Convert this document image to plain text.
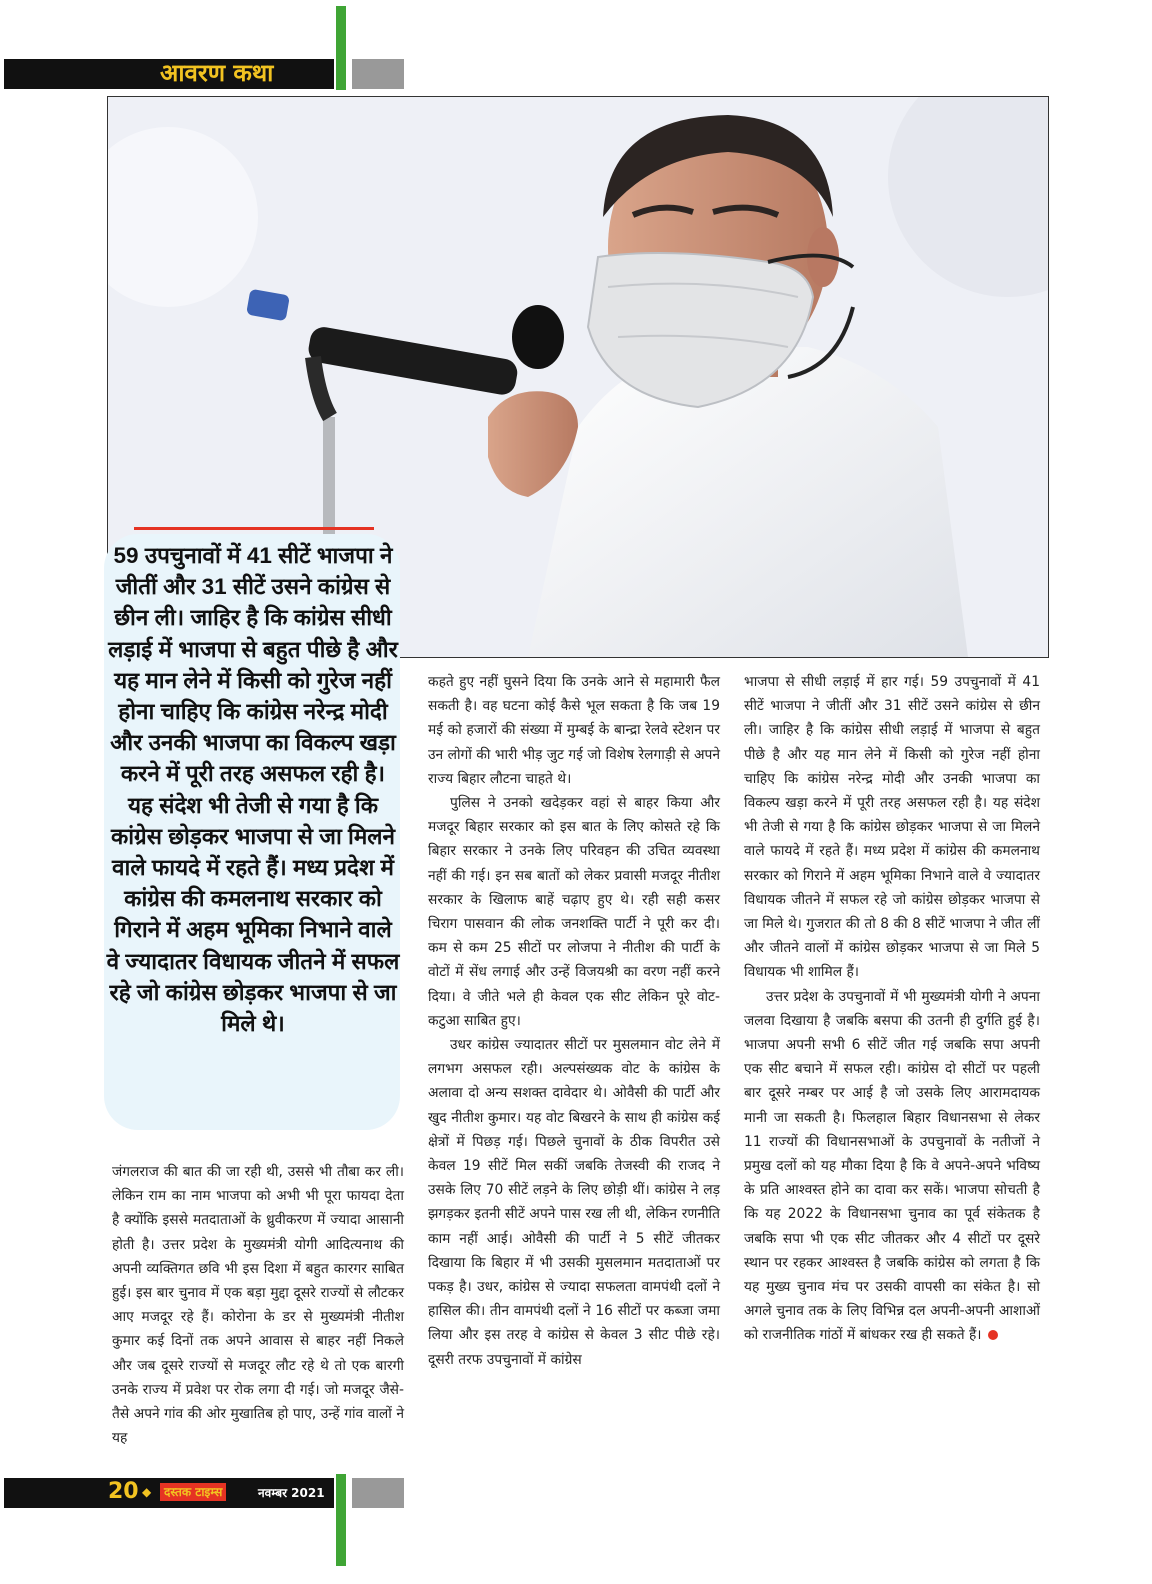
आवरण कथा

59 उपचुनावों में 41 सीटें भाजपा ने जीतीं और 31 सीटें उसने कांग्रेस से छीन ली। जाहिर है कि कांग्रेस सीधी लड़ाई में भाजपा से बहुत पीछे है और यह मान लेने में किसी को गुरेज नहीं होना चाहिए कि कांग्रेस नरेन्द्र मोदी और उनकी भाजपा का विकल्प खड़ा करने में पूरी तरह असफल रही है। यह संदेश भी तेजी से गया है कि कांग्रेस छोड़कर भाजपा से जा मिलने वाले फायदे में रहते हैं। मध्य प्रदेश में कांग्रेस की कमलनाथ सरकार को गिराने में अहम भूमिका निभाने वाले वे ज्यादातर विधायक जीतने में सफल रहे जो कांग्रेस छोड़कर भाजपा से जा मिले थे।

जंगलराज की बात की जा रही थी, उससे भी तौबा कर ली। लेकिन राम का नाम भाजपा को अभी भी पूरा फायदा देता है क्योंकि इससे मतदाताओं के ध्रुवीकरण में ज्यादा आसानी होती है। उत्तर प्रदेश के मुख्यमंत्री योगी आदित्यनाथ की अपनी व्यक्तिगत छवि भी इस दिशा में बहुत कारगर साबित हुई। इस बार चुनाव में एक बड़ा मुद्दा दूसरे राज्यों से लौटकर आए मजदूर रहे हैं। कोरोना के डर से मुख्यमंत्री नीतीश कुमार कई दिनों तक अपने आवास से बाहर नहीं निकले और जब दूसरे राज्यों से मजदूर लौट रहे थे तो एक बारगी उनके राज्य में प्रवेश पर रोक लगा दी गई। जो मजदूर जैसे-तैसे अपने गांव की ओर मुखातिब हो पाए, उन्हें गांव वालों ने यह

कहते हुए नहीं घुसने दिया कि उनके आने से महामारी फैल सकती है। वह घटना कोई कैसे भूल सकता है कि जब 19 मई को हजारों की संख्या में मुम्बई के बान्द्रा रेलवे स्टेशन पर उन लोगों की भारी भीड़ जुट गई जो विशेष रेलगाड़ी से अपने राज्य बिहार लौटना चाहते थे।

पुलिस ने उनको खदेड़कर वहां से बाहर किया और मजदूर बिहार सरकार को इस बात के लिए कोसते रहे कि बिहार सरकार ने उनके लिए परिवहन की उचित व्यवस्था नहीं की गई। इन सब बातों को लेकर प्रवासी मजदूर नीतीश सरकार के खिलाफ बाहें चढ़ाए हुए थे। रही सही कसर चिराग पासवान की लोक जनशक्ति पार्टी ने पूरी कर दी। कम से कम 25 सीटों पर लोजपा ने नीतीश की पार्टी के वोटों में सेंध लगाई और उन्हें विजयश्री का वरण नहीं करने दिया। वे जीते भले ही केवल एक सीट लेकिन पूरे वोट-कटुआ साबित हुए।

उधर कांग्रेस ज्यादातर सीटों पर मुसलमान वोट लेने में लगभग असफल रही। अल्पसंख्यक वोट के कांग्रेस के अलावा दो अन्य सशक्त दावेदार थे। ओवैसी की पार्टी और खुद नीतीश कुमार। यह वोट बिखरने के साथ ही कांग्रेस कई क्षेत्रों में पिछड़ गई। पिछले चुनावों के ठीक विपरीत उसे केवल 19 सीटें मिल सकीं जबकि तेजस्वी की राजद ने उसके लिए 70 सीटें लड़ने के लिए छोड़ी थीं। कांग्रेस ने लड़ झगड़कर इतनी सीटें अपने पास रख ली थी, लेकिन रणनीति काम नहीं आई। ओवैसी की पार्टी ने 5 सीटें जीतकर दिखाया कि बिहार में भी उसकी मुसलमान मतदाताओं पर पकड़ है। उधर, कांग्रेस से ज्यादा सफलता वामपंथी दलों ने हासिल की। तीन वामपंथी दलों ने 16 सीटों पर कब्जा जमा लिया और इस तरह वे कांग्रेस से केवल 3 सीट पीछे रहे। दूसरी तरफ उपचुनावों में कांग्रेस

भाजपा से सीधी लड़ाई में हार गई। 59 उपचुनावों में 41 सीटें भाजपा ने जीतीं और 31 सीटें उसने कांग्रेस से छीन ली। जाहिर है कि कांग्रेस सीधी लड़ाई में भाजपा से बहुत पीछे है और यह मान लेने में किसी को गुरेज नहीं होना चाहिए कि कांग्रेस नरेन्द्र मोदी और उनकी भाजपा का विकल्प खड़ा करने में पूरी तरह असफल रही है। यह संदेश भी तेजी से गया है कि कांग्रेस छोड़कर भाजपा से जा मिलने वाले फायदे में रहते हैं। मध्य प्रदेश में कांग्रेस की कमलनाथ सरकार को गिराने में अहम भूमिका निभाने वाले वे ज्यादातर विधायक जीतने में सफल रहे जो कांग्रेस छोड़कर भाजपा से जा मिले थे। गुजरात की तो 8 की 8 सीटें भाजपा ने जीत लीं और जीतने वालों में कांग्रेस छोड़कर भाजपा से जा मिले 5 विधायक भी शामिल हैं।

उत्तर प्रदेश के उपचुनावों में भी मुख्यमंत्री योगी ने अपना जलवा दिखाया है जबकि बसपा की उतनी ही दुर्गति हुई है। भाजपा अपनी सभी 6 सीटें जीत गई जबकि सपा अपनी एक सीट बचाने में सफल रही। कांग्रेस दो सीटों पर पहली बार दूसरे नम्बर पर आई है जो उसके लिए आरामदायक मानी जा सकती है। फिलहाल बिहार विधानसभा से लेकर 11 राज्यों की विधानसभाओं के उपचुनावों के नतीजों ने प्रमुख दलों को यह मौका दिया है कि वे अपने-अपने भविष्य के प्रति आश्वस्त होने का दावा कर सकें। भाजपा सोचती है कि यह 2022 के विधानसभा चुनाव का पूर्व संकेतक है जबकि सपा भी एक सीट जीतकर और 4 सीटों पर दूसरे स्थान पर रहकर आश्वस्त है जबकि कांग्रेस को लगता है कि यह मुख्य चुनाव मंच पर उसकी वापसी का संकेत है। सो अगले चुनाव तक के लिए विभिन्न दल अपनी-अपनी आशाओं को राजनीतिक गांठों में बांधकर रख ही सकते हैं।

20 ◆	दस्तक टाइम्स	नवम्बर 2021
